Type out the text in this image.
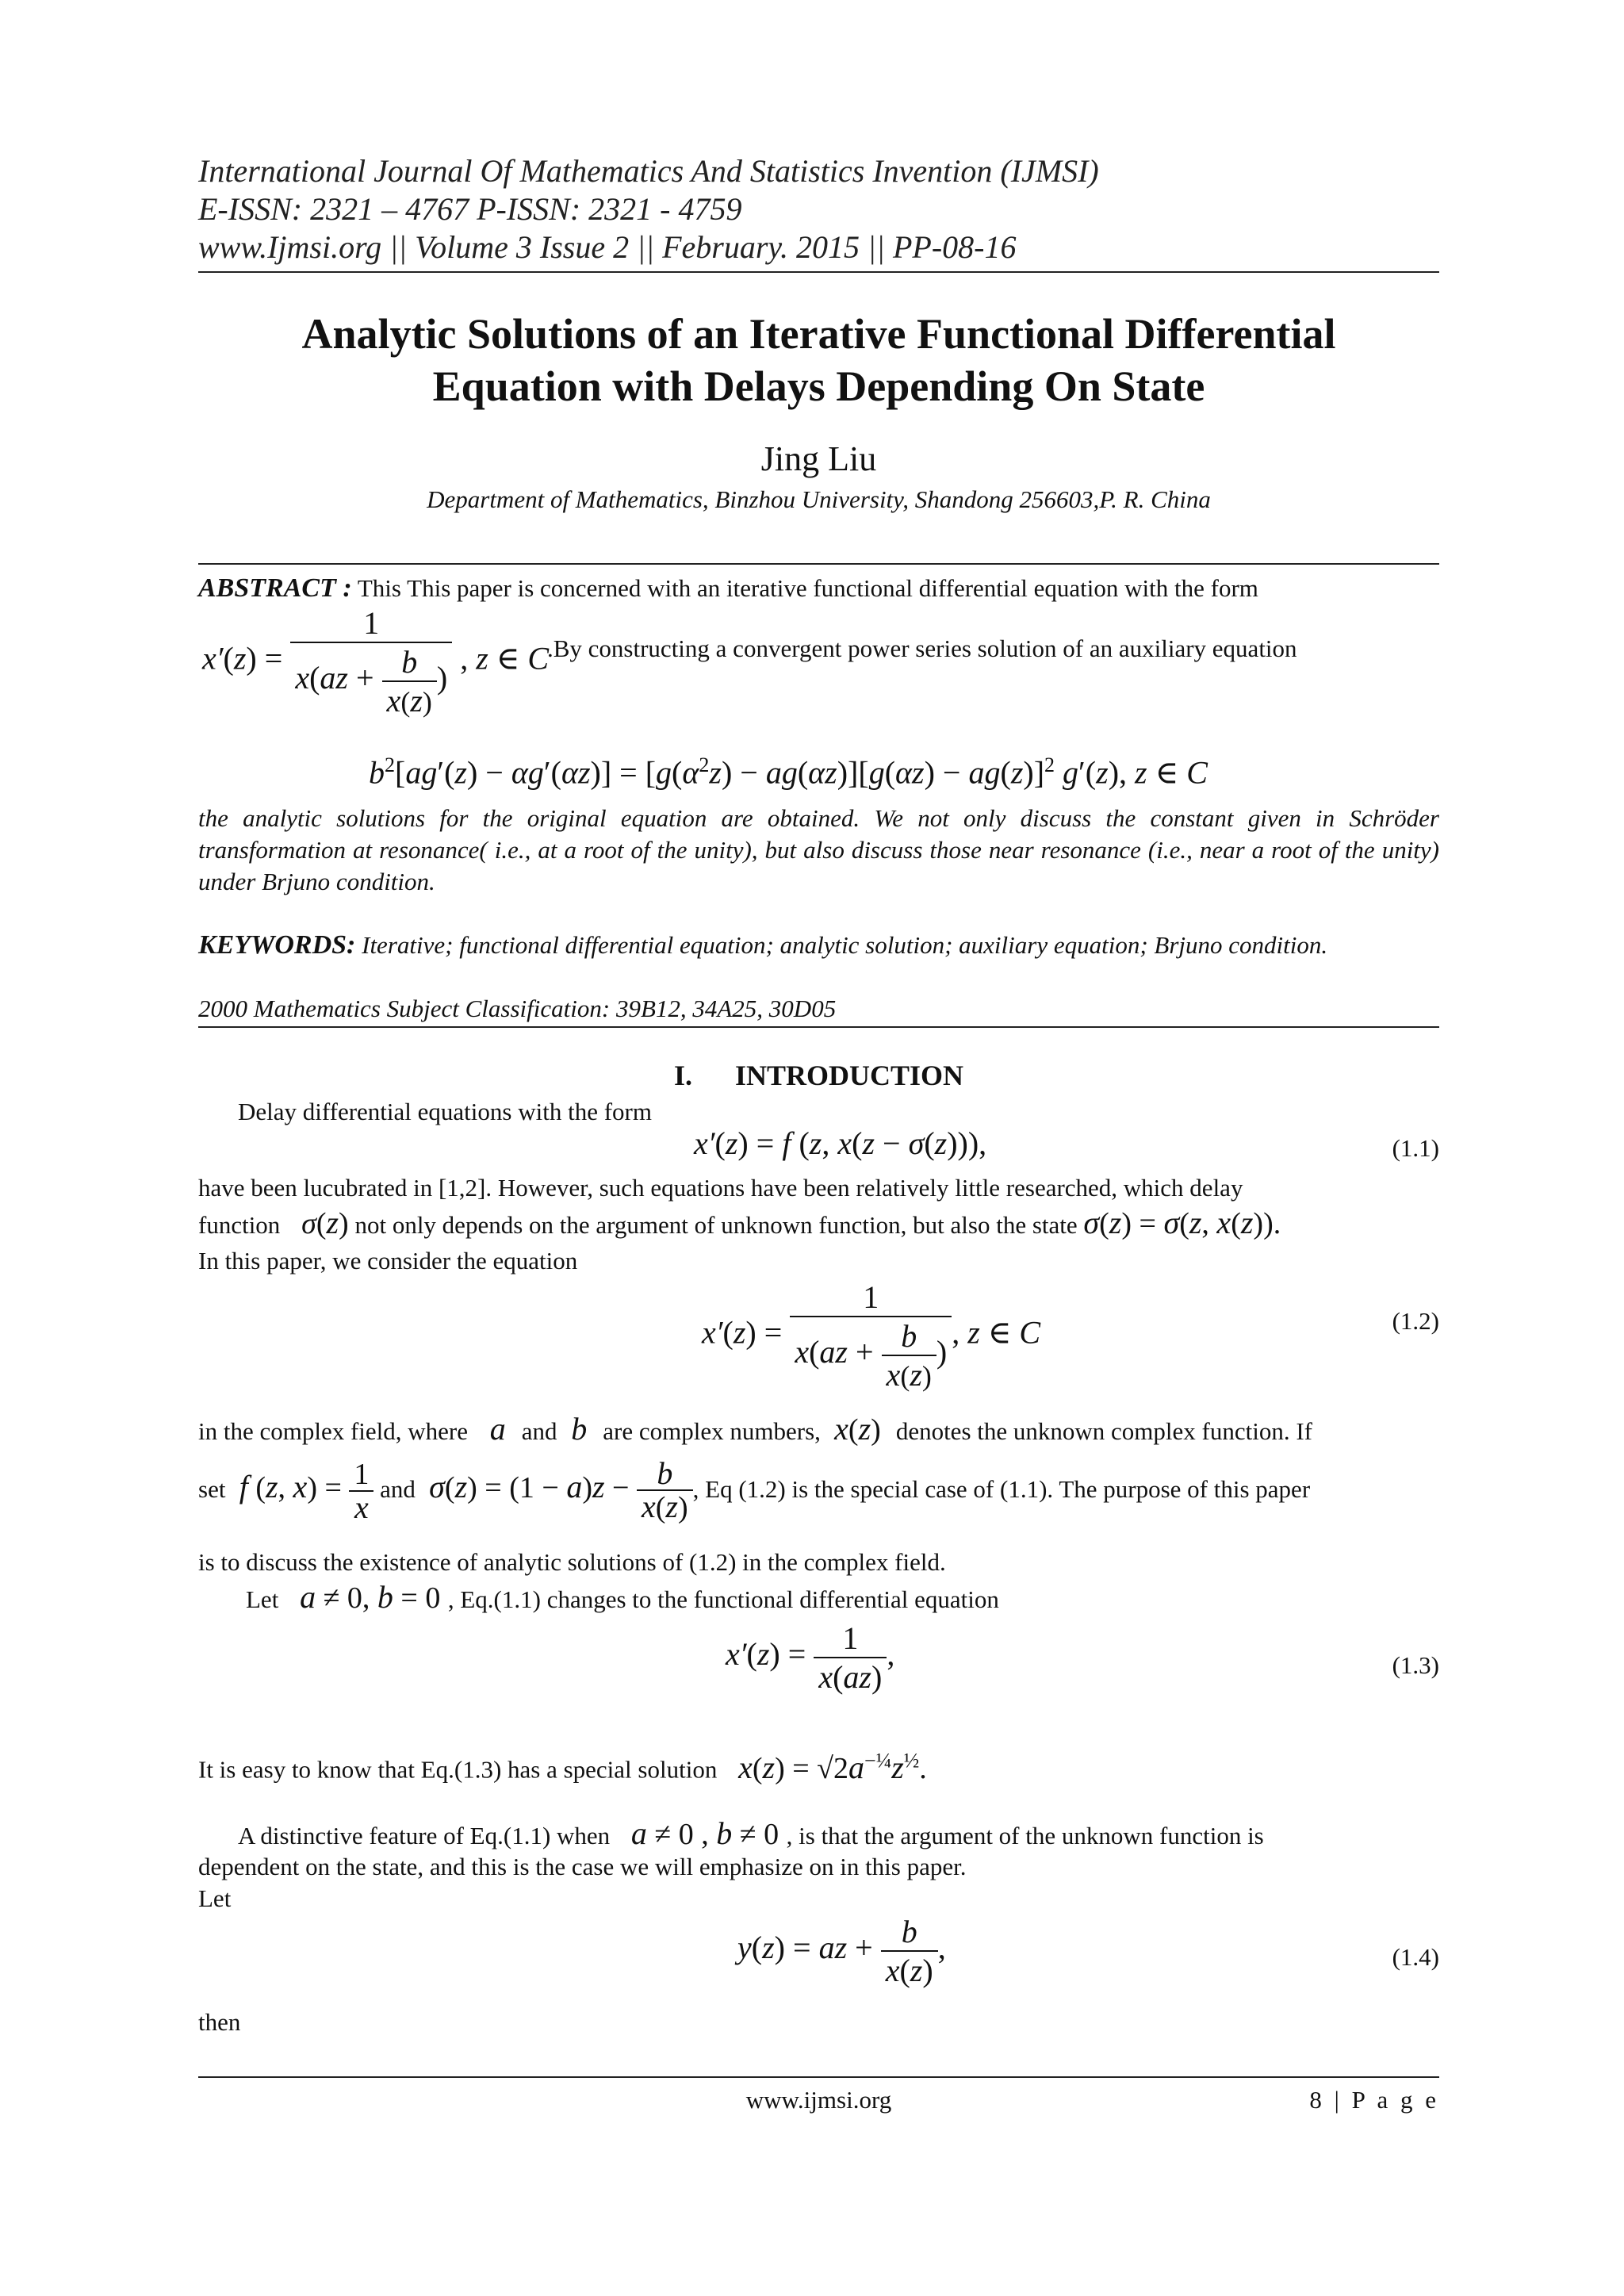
International Journal Of Mathematics And Statistics Invention (IJMSI)
E-ISSN: 2321 – 4767 P-ISSN: 2321 - 4759
www.Ijmsi.org || Volume 3 Issue 2 || February. 2015 || PP-08-16
Analytic Solutions of an Iterative Functional Differential
Equation with Delays Depending On State
Jing Liu
Department of Mathematics, Binzhou University, Shandong 256603,P. R. China
ABSTRACT : This This paper is concerned with an iterative functional differential equation with the form
$x'(z) = \frac{1}{x(az + \frac{b}{x(z)} )}$ , z ∈ C
.By constructing a convergent power series solution of an auxiliary equation
$b^2[ag'(z) - \alpha g'(\alpha z)] = [g(\alpha^2z) - ag(\alpha z)][g(\alpha z) - ag(z)]^2$ g′(z), z ∈ C
the analytic solutions for the original equation are obtained. We not only discuss the constant given in Schröder transformation at resonance( i.e., at a root of the unity), but also discuss those near resonance (i.e., near a root of the unity) under Brjuno condition.
KEYWORDS: Iterative; functional differential equation; analytic solution; auxiliary equation; Brjuno condition.
2000 Mathematics Subject Classification: 39B12, 34A25, 30D05
I. INTRODUCTION
Delay differential equations with the form
x′(z) = f (z, x(z − σ(z))),	(1.1)
have been lucubrated in [1,2]. However, such equations have been relatively little researched, which delay
function   σ(z) not only depends on the argument of unknown function, but also the state σ(z) = σ(z, x(z)).
In this paper, we consider the equation
$x'(z) = \frac{1}{x(az + \frac{b}{x(z)} )}$ , z ∈ C	(1.2)
in the complex field, where   a  and  b  are complex numbers, x(z)  denotes the unknown complex function. If
set f (z, $x) = \frac{1}{x}$ and $\sigma(z) = (1 - a)z - \frac{b}{x(z)}$ , Eq (1.2) is the special case of (1.1). The purpose of this paper
is to discuss the existence of analytic solutions of (1.2) in the complex field.
Let a ≠ 0, b = 0 , Eq.(1.1) changes to the functional differential equation
$x'(z) = \frac{1}{x(az)}$ ,	(1.3)
It is easy to know that Eq.(1.3) has a special solution $x(z) = √2a^{-\frac{1}{4}}z^{\frac{1}{2}}$.
A distinctive feature of Eq.(1.1) when a ≠ 0 , b ≠ 0 , is that the argument of the unknown function is
dependent on the state, and this is the case we will emphasize on in this paper.
Let
y(z) = az + $\frac{b}{x(z)}$ ,	(1.4)
then
www.ijmsi.org	8 | P a g e
